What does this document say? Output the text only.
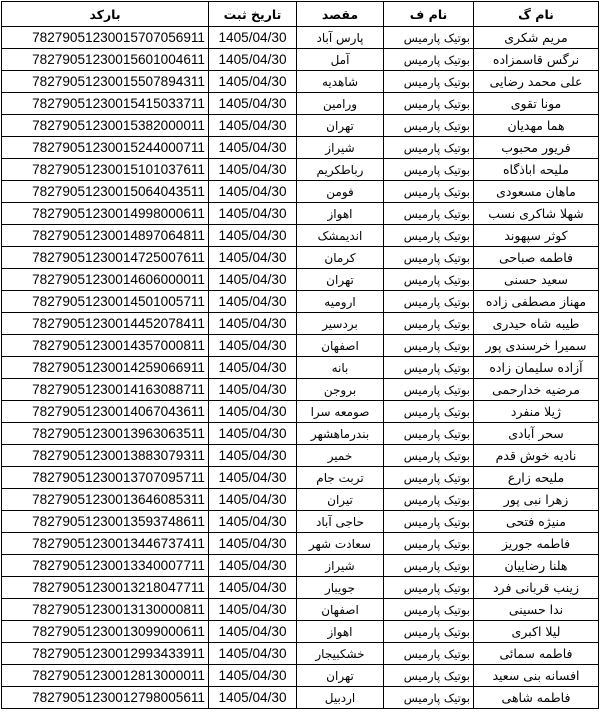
نام گ	نام ف	مقصد	تاریخ ثبت	بارکد
مریم شکری	بوتیک پارمیس	پارس آباد	1405/04/30	78279051230015707056911
نرگس قاسمزاده	بوتیک پارمیس	آمل	1405/04/30	78279051230015601004611
علی محمد رضایی	بوتیک پارمیس	شاهدیه	1405/04/30	78279051230015507894311
مونا تقوی	بوتیک پارمیس	ورامین	1405/04/30	78279051230015415033711
هما مهدیان	بوتیک پارمیس	تهران	1405/04/30	78279051230015382000011
فریور محبوب	بوتیک پارمیس	شیراز	1405/04/30	78279051230015244000711
ملیحه اباذگاه	بوتیک پارمیس	رباطکریم	1405/04/30	78279051230015101037611
ماهان مسعودی	بوتیک پارمیس	فومن	1405/04/30	78279051230015064043511
شهلا شاکری نسب	بوتیک پارمیس	اهواز	1405/04/30	78279051230014998000611
کوثر سپهوند	بوتیک پارمیس	اندیمشک	1405/04/30	78279051230014897064811
فاطمه صباحی	بوتیک پارمیس	کرمان	1405/04/30	78279051230014725007611
سعید حسنی	بوتیک پارمیس	تهران	1405/04/30	78279051230014606000011
مهناز مصطفی زاده	بوتیک پارمیس	ارومیه	1405/04/30	78279051230014501005711
طیبه شاه حیدری	بوتیک پارمیس	بردسیر	1405/04/30	78279051230014452078411
سمیرا خرسندی پور	بوتیک پارمیس	اصفهان	1405/04/30	78279051230014357000811
آزاده سلیمان زاده	بوتیک پارمیس	بانه	1405/04/30	78279051230014259066911
مرضیه خدارحمی	بوتیک پارمیس	بروجن	1405/04/30	78279051230014163088711
ژیلا منفرد	بوتیک پارمیس	صومعه سرا	1405/04/30	78279051230014067043611
سحر آبادی	بوتیک پارمیس	بندرماهشهر	1405/04/30	78279051230013963063511
نادیه خوش قدم	بوتیک پارمیس	خمیر	1405/04/30	78279051230013883079311
ملیحه زارع	بوتیک پارمیس	تربت جام	1405/04/30	78279051230013707095711
زهرا نبی پور	بوتیک پارمیس	تیران	1405/04/30	78279051230013646085311
منیژه فتحی	بوتیک پارمیس	حاجی آباد	1405/04/30	78279051230013593748611
فاطمه جوریز	بوتیک پارمیس	سعادت شهر	1405/04/30	78279051230013446737411
هلنا رضاییان	بوتیک پارمیس	شیراز	1405/04/30	78279051230013340007711
زینب قربانی فرد	بوتیک پارمیس	جویبار	1405/04/30	78279051230013218047711
ندا حسینی	بوتیک پارمیس	اصفهان	1405/04/30	78279051230013130000811
لیلا اکبری	بوتیک پارمیس	اهواز	1405/04/30	78279051230013099000611
فاطمه سمائی	بوتیک پارمیس	خشکبیجار	1405/04/30	78279051230012993433911
افسانه بنی سعید	بوتیک پارمیس	تهران	1405/04/30	78279051230012813000011
فاطمه شاهی	بوتیک پارمیس	اردبیل	1405/04/30	78279051230012798005611
